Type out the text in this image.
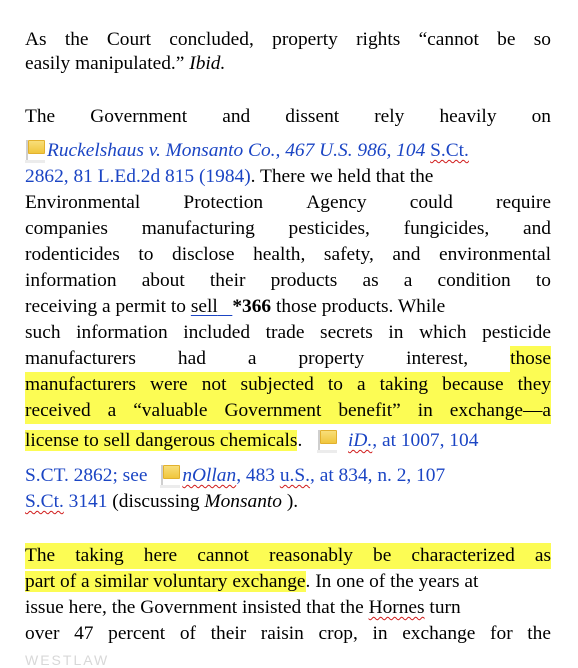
As the Court concluded, property rights “cannot be so
easily manipulated.” Ibid.
The Government and dissent rely heavily on
Ruckelshaus v. Monsanto Co., 467 U.S. 986, 104 S.Ct.
2862, 81 L.Ed.2d 815 (1984). There we held that the
Environmental Protection Agency could require
companies manufacturing pesticides, fungicides, and
rodenticides to disclose health, safety, and environmental
information about their products as a condition to
receiving a permit to sell *366 those products. While
such information included trade secrets in which pesticide
manufacturers had a property interest, those
manufacturers were not subjected to a taking because they
received a “valuable Government benefit” in exchange—a
license to sell dangerous chemicals. iD., at 1007, 104
S.CT. 2862; see nOllan, 483 u.S., at 834, n. 2, 107
S.Ct. 3141 (discussing Monsanto ).
The taking here cannot reasonably be characterized as
part of a similar voluntary exchange. In one of the years at
issue here, the Government insisted that the Hornes turn
over 47 percent of their raisin crop, in exchange for the
WESTLAW
